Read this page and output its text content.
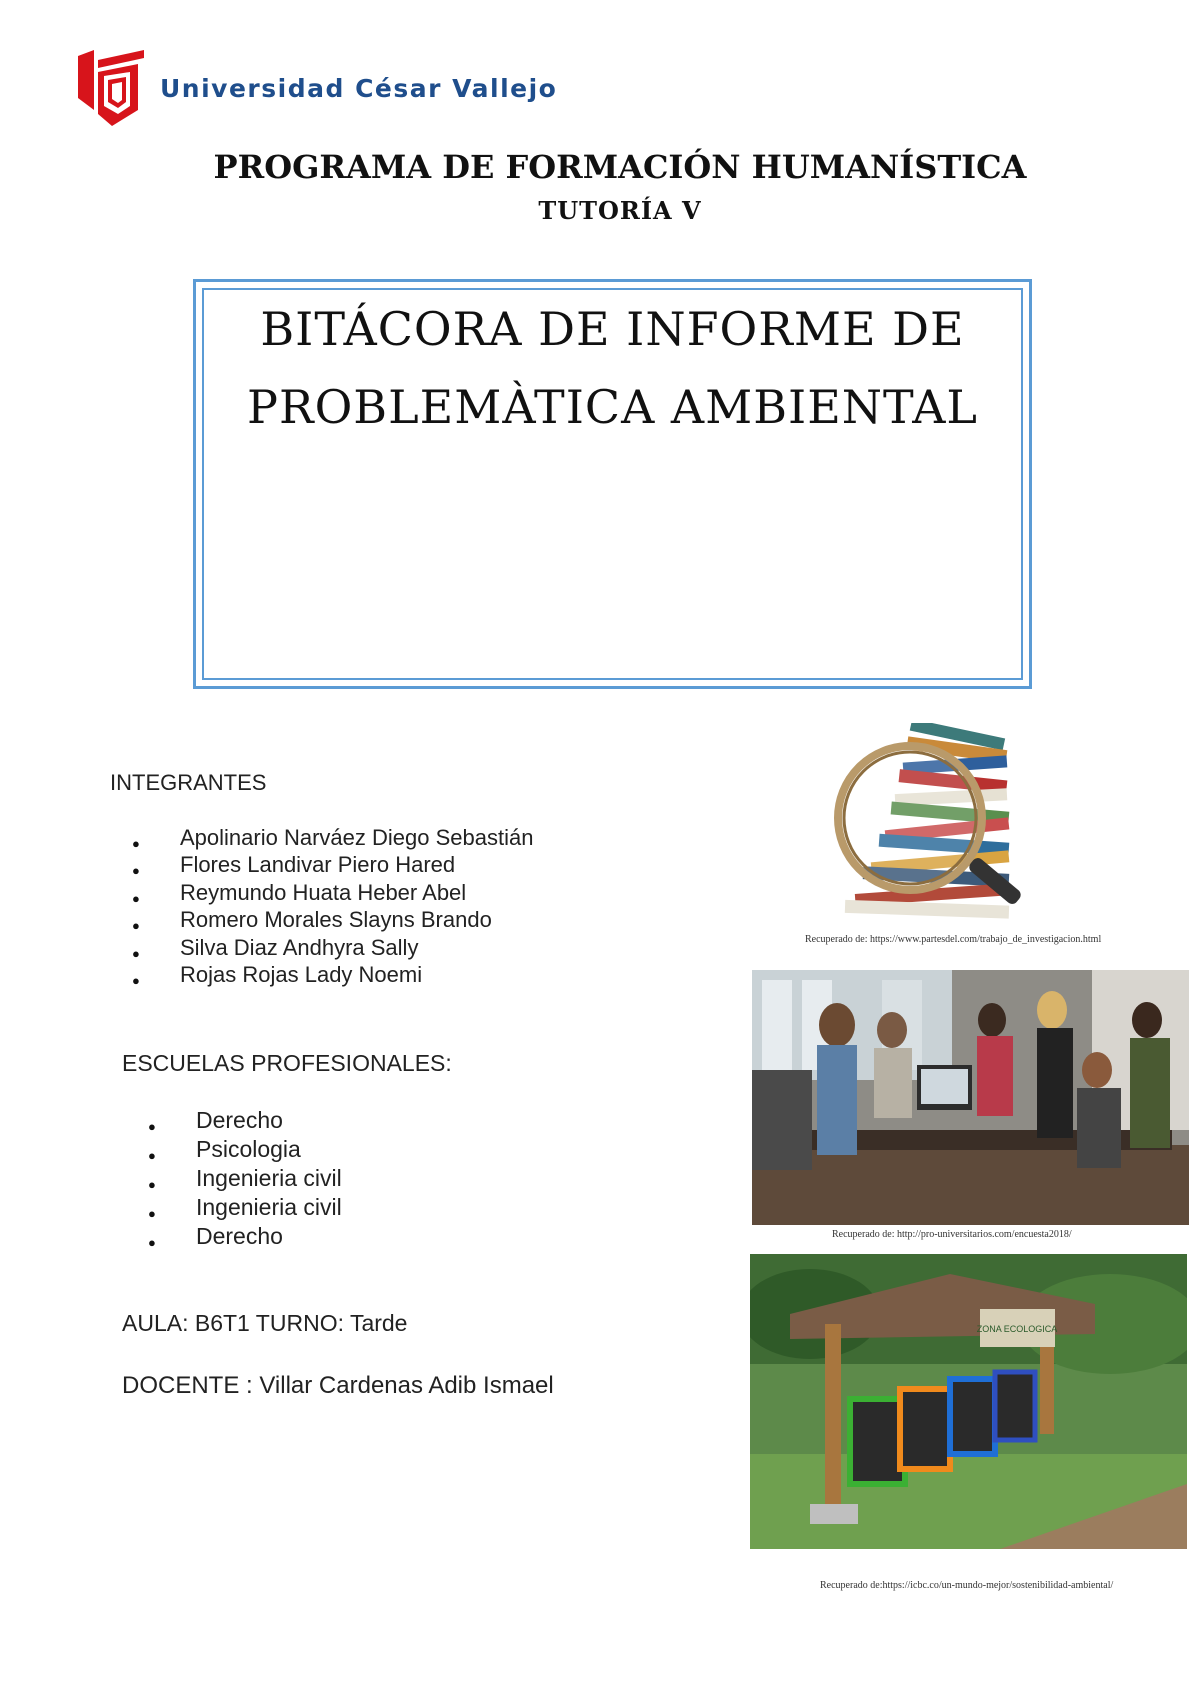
Universidad César Vallejo
PROGRAMA DE FORMACIÓN HUMANÍSTICA
TUTORÍA V
BITÁCORA DE INFORME DE
PROBLEMÀTICA AMBIENTAL
INTEGRANTES
● Apolinario Narváez Diego Sebastián
● Flores Landivar Piero Hared
● Reymundo Huata Heber Abel
● Romero Morales Slayns Brando
● Silva Diaz Andhyra Sally
● Rojas Rojas Lady Noemi
ESCUELAS PROFESIONALES:
● Derecho
● Psicologia
● Ingenieria civil
● Ingenieria civil
● Derecho
AULA: B6T1 TURNO: Tarde
DOCENTE : Villar Cardenas Adib Ismael
Recuperado de: https://www.partesdel.com/trabajo_de_investigacion.html
Recuperado de: http://pro-universitarios.com/encuesta2018/
ZONA ECOLOGICA
Recuperado de:https://icbc.co/un-mundo-mejor/sostenibilidad-ambiental/
